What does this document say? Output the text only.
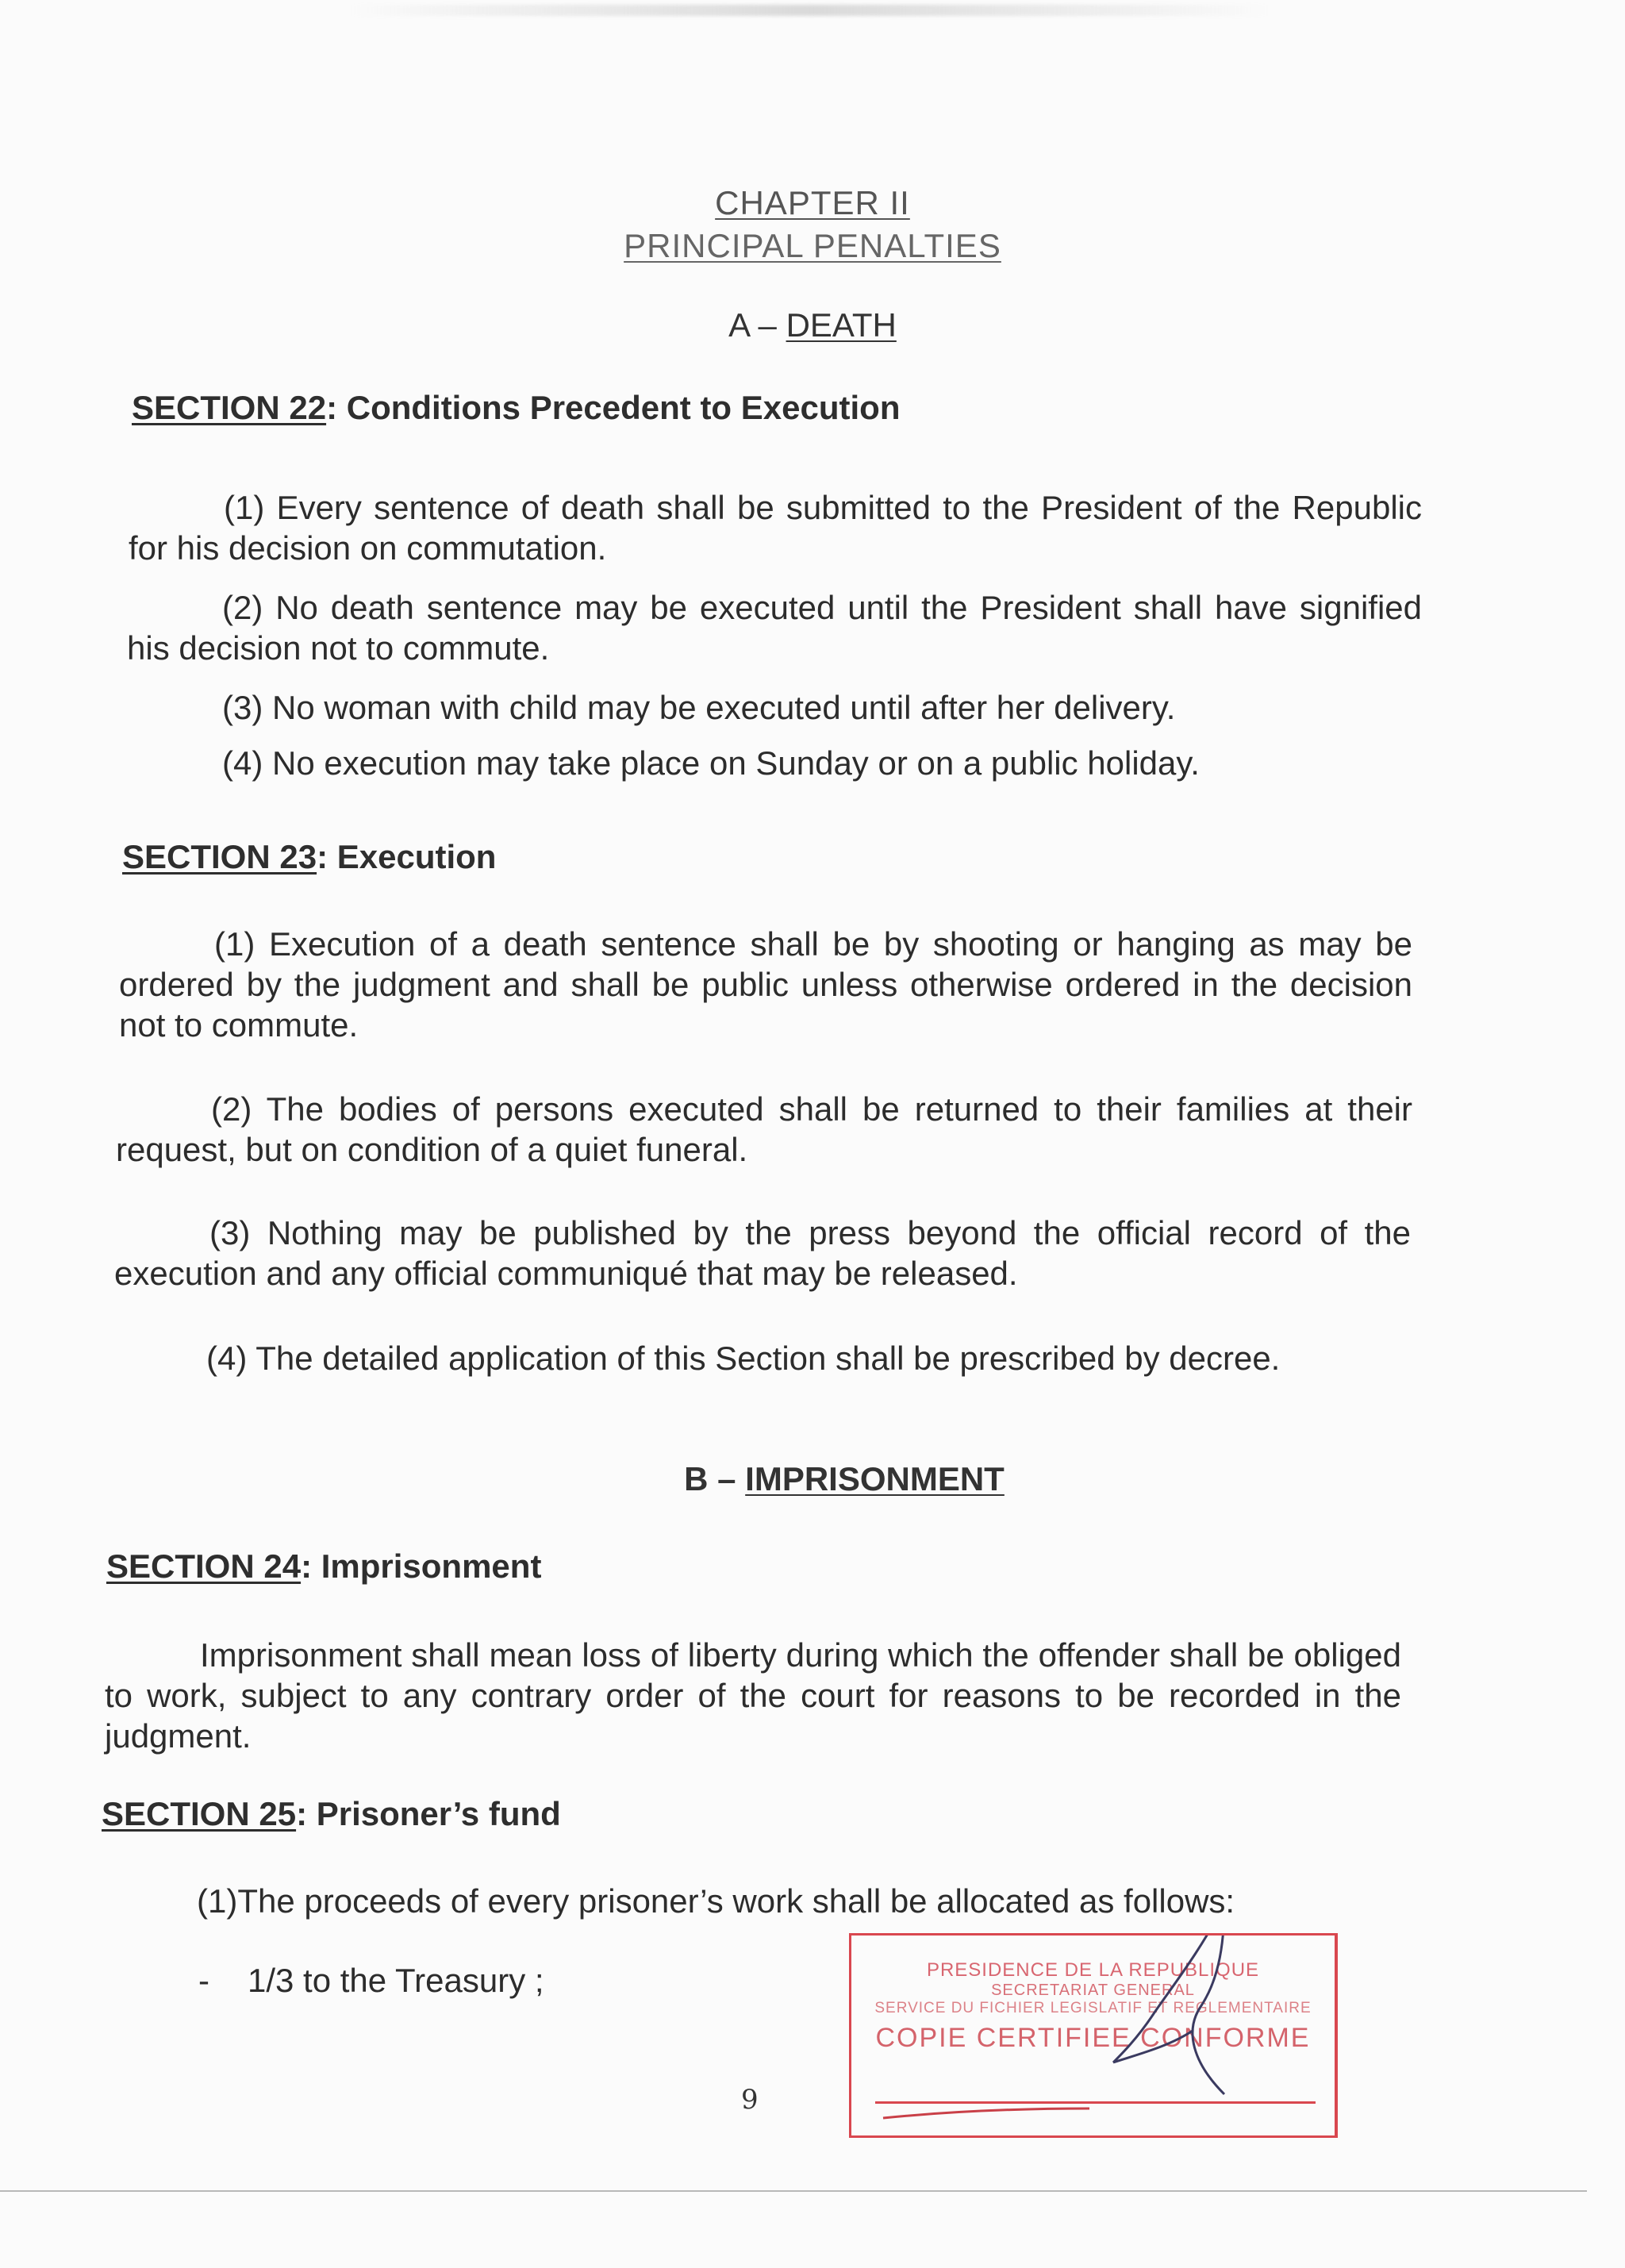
CHAPTER II
PRINCIPAL PENALTIES
A – DEATH
SECTION 22: Conditions Precedent to Execution
(1) Every sentence of death shall be submitted to the President of the Republic for his decision on commutation.
(2) No death sentence may be executed until the President shall have signified his decision not to commute.
(3) No woman with child may be executed until after her delivery.
(4) No execution may take place on Sunday or on a public holiday.
SECTION 23: Execution
(1) Execution of a death sentence shall be by shooting or hanging as may be ordered by the judgment and shall be public unless otherwise ordered in the decision not to commute.
(2) The bodies of persons executed shall be returned to their families at their request, but on condition of a quiet funeral.
(3) Nothing may be published by the press beyond the official record of the execution and any official communiqué that may be released.
(4) The detailed application of this Section shall be prescribed by decree.
B – IMPRISONMENT
SECTION 24: Imprisonment
Imprisonment shall mean loss of liberty during which the offender shall be obliged to work, subject to any contrary order of the court for reasons to be recorded in the judgment.
SECTION 25: Prisoner’s fund
(1)The proceeds of every prisoner’s work shall be allocated as follows:
- 1/3 to the Treasury ;
9
PRESIDENCE DE LA REPUBLIQUE
SECRETARIAT GENERAL
SERVICE DU FICHIER LEGISLATIF ET REGLEMENTAIRE
COPIE CERTIFIEE CONFORME
